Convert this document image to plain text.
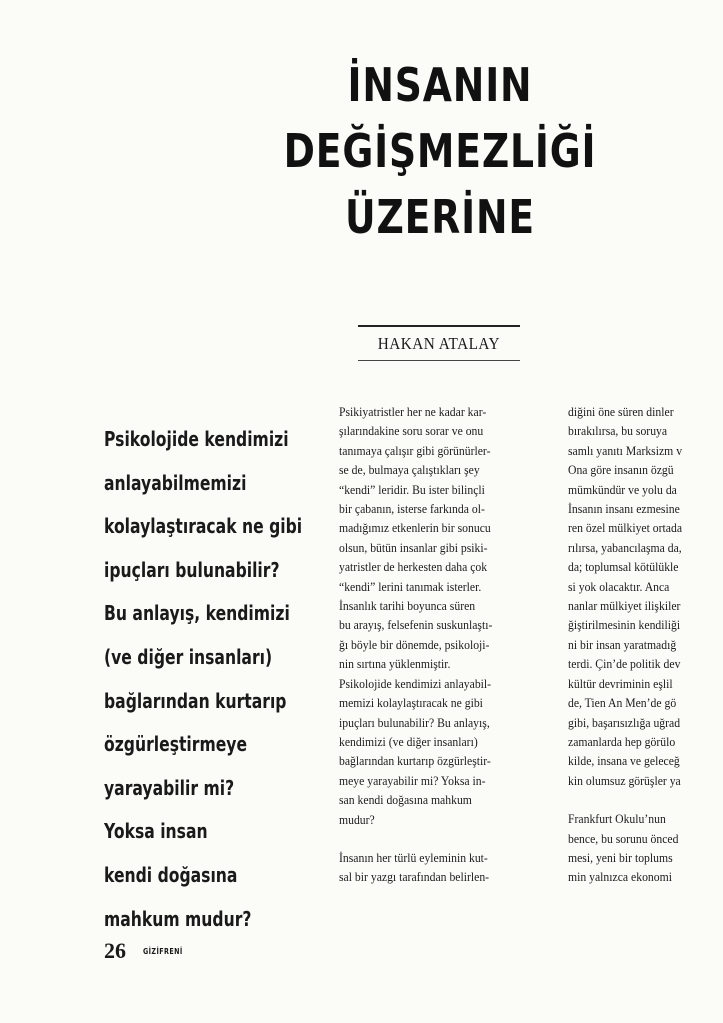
İNSANIN
DEĞİŞMEZLİĞİ
ÜZERİNE
HAKAN ATALAY
Psikolojide kendimizi
anlayabilmemizi
kolaylaştıracak ne gibi
ipuçları bulunabilir?
Bu anlayış, kendimizi
(ve diğer insanları)
bağlarından kurtarıp
özgürleştirmeye
yarayabilir mi?
Yoksa insan
kendi doğasına
mahkum mudur?
Psikiyatristler her ne kadar kar-
şılarındakine soru sorar ve onu
tanımaya çalışır gibi görünürler-
se de, bulmaya çalıştıkları şey
“kendi” leridir. Bu ister bilinçli
bir çabanın, isterse farkında ol-
madığımız etkenlerin bir sonucu
olsun, bütün insanlar gibi psiki-
yatristler de herkesten daha çok
“kendi” lerini tanımak isterler.
İnsanlık tarihi boyunca süren
bu arayış, felsefenin suskunlaştı-
ğı böyle bir dönemde, psikoloji-
nin sırtına yüklenmiştir.
Psikolojide kendimizi anlayabil-
memizi kolaylaştıracak ne gibi
ipuçları bulunabilir? Bu anlayış,
kendimizi (ve diğer insanları)
bağlarından kurtarıp özgürleştir-
meye yarayabilir mi? Yoksa in-
san kendi doğasına mahkum
mudur?
İnsanın her türlü eyleminin kut-
sal bir yazgı tarafından belirlen-
diğini öne süren dinler
bırakılırsa, bu soruya
samlı yanıtı Marksizm v
Ona göre insanın özgü
mümkündür ve yolu da
İnsanın insanı ezmesine
ren özel mülkiyet ortada
rılırsa, yabancılaşma da,
da; toplumsal kötülükle
si yok olacaktır. Anca
nanlar mülkiyet ilişkiler
ğiştirilmesinin kendiliği
ni bir insan yaratmadığ
terdi. Çin’de politik dev
kültür devriminin eşlil
de, Tien An Men’de gö
gibi, başarısızlığa uğrad
zamanlarda hep görülo
kilde, insana ve geleceğ
kin olumsuz görüşler ya
Frankfurt Okulu’nun
bence, bu sorunu önced
mesi, yeni bir toplums
min yalnızca ekonomi
26 GİZİFRENİ
